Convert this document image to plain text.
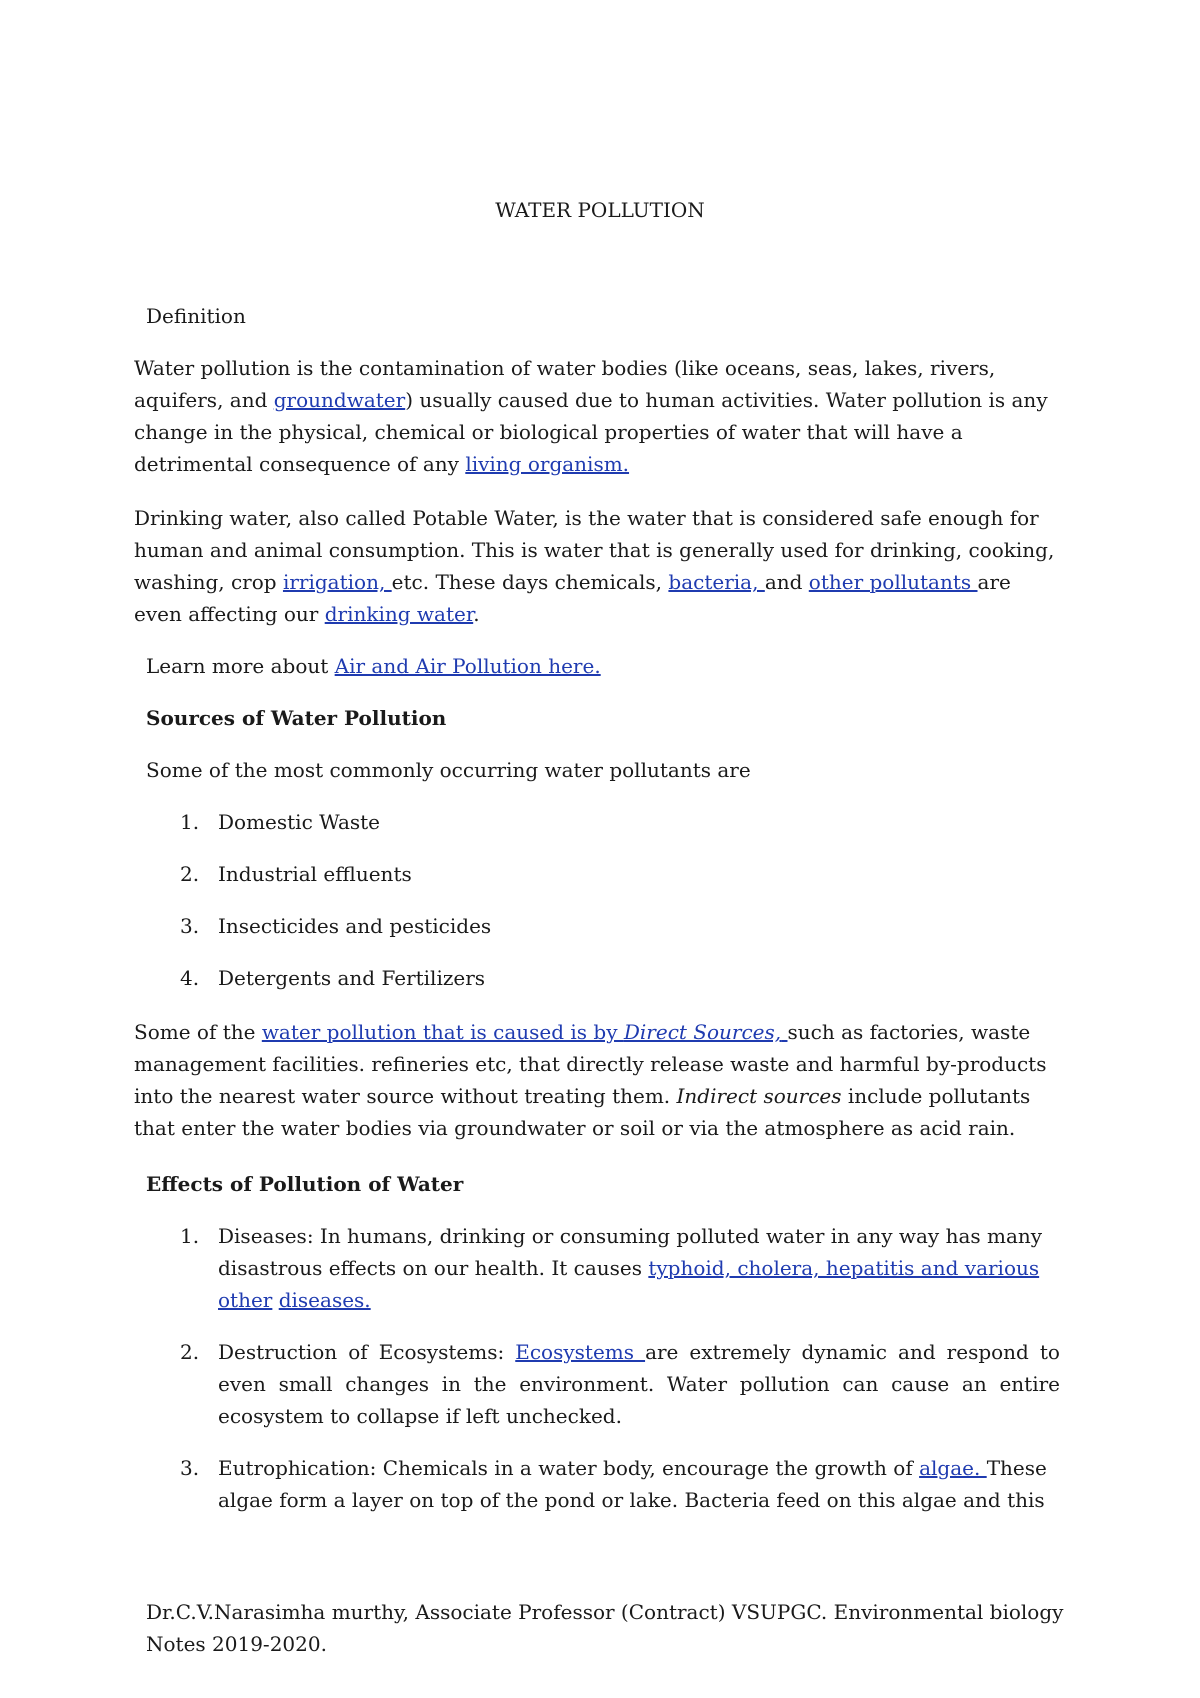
WATER POLLUTION

Definition

Water pollution is the contamination of water bodies (like oceans, seas, lakes, rivers, aquifers, and groundwater) usually caused due to human activities. Water pollution is any change in the physical, chemical or biological properties of water that will have a detrimental consequence of any living organism.

Drinking water, also called Potable Water, is the water that is considered safe enough for human and animal consumption. This is water that is generally used for drinking, cooking, washing, crop irrigation, etc. These days chemicals, bacteria, and other pollutants are even affecting our drinking water.

Learn more about Air and Air Pollution here.

Sources of Water Pollution

Some of the most commonly occurring water pollutants are

1. Domestic Waste
2. Industrial effluents
3. Insecticides and pesticides
4. Detergents and Fertilizers

Some of the water pollution that is caused is by Direct Sources, such as factories, waste management facilities. refineries etc, that directly release waste and harmful by-products into the nearest water source without treating them. Indirect sources include pollutants that enter the water bodies via groundwater or soil or via the atmosphere as acid rain.

Effects of Pollution of Water
1. Diseases: In humans, drinking or consuming polluted water in any way has many disastrous effects on our health. It causes typhoid, cholera, hepatitis and various other diseases.
2. Destruction of Ecosystems: Ecosystems are extremely dynamic and respond to even small changes in the environment. Water pollution can cause an entire ecosystem to collapse if left unchecked.
3. Eutrophication: Chemicals in a water body, encourage the growth of algae. These algae form a layer on top of the pond or lake. Bacteria feed on this algae and this

Dr.C.V.Narasimha murthy, Associate Professor (Contract) VSUPGC. Environmental biology Notes 2019-2020.
